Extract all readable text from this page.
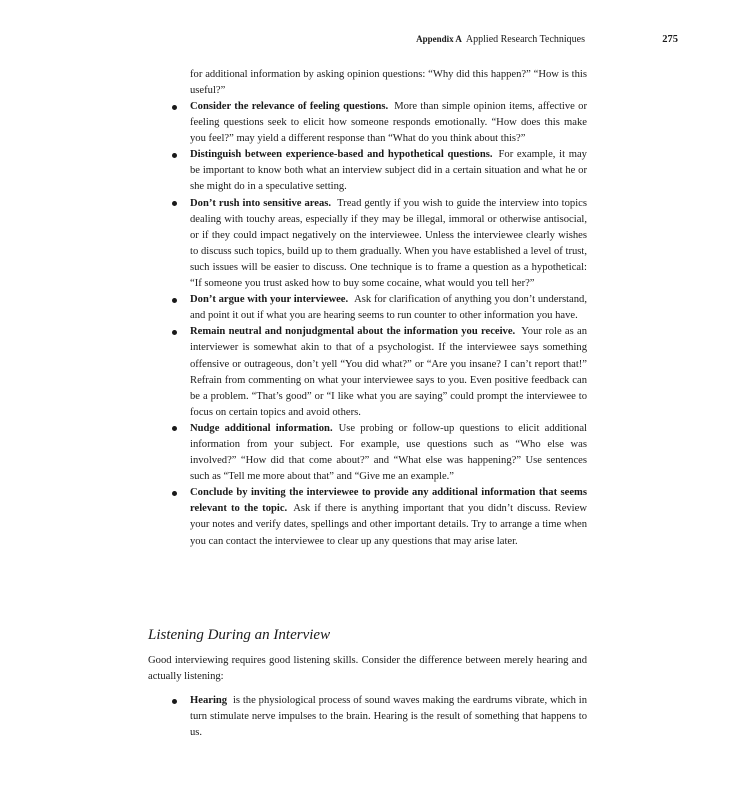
Appendix A Applied Research Techniques	275

for additional information by asking opinion questions: “Why did this happen?” “How is this useful?”

Consider the relevance of feeling questions. More than simple opinion items, affective or feeling questions seek to elicit how someone responds emotionally. “How does this make you feel?” may yield a different response than “What do you think about this?”
Distinguish between experience-based and hypothetical questions. For example, it may be important to know both what an interview subject did in a certain situation and what he or she might do in a speculative setting.
Don’t rush into sensitive areas. Tread gently if you wish to guide the interview into topics dealing with touchy areas, especially if they may be illegal, immoral or otherwise antisocial, or if they could impact negatively on the interviewee. Unless the interviewee clearly wishes to discuss such topics, build up to them gradually. When you have established a level of trust, such issues will be easier to discuss. One technique is to frame a question as a hypothetical: “If someone you trust asked how to buy some cocaine, what would you tell her?”
Don’t argue with your interviewee. Ask for clarification of anything you don’t understand, and point it out if what you are hearing seems to run counter to other information you have.
Remain neutral and nonjudgmental about the information you receive. Your role as an interviewer is somewhat akin to that of a psychologist. If the interviewee says something offensive or outrageous, don’t yell “You did what?” or “Are you insane? I can’t report that!” Refrain from commenting on what your interviewee says to you. Even positive feedback can be a problem. “That’s good” or “I like what you are saying” could prompt the interviewee to focus on certain topics and avoid others.
Nudge additional information. Use probing or follow-up questions to elicit additional information from your subject. For example, use questions such as “Who else was involved?” “How did that come about?” and “What else was happening?” Use sentences such as “Tell me more about that” and “Give me an example.”
Conclude by inviting the interviewee to provide any additional information that seems relevant to the topic. Ask if there is anything important that you didn’t discuss. Review your notes and verify dates, spellings and other important details. Try to arrange a time when you can contact the interviewee to clear up any questions that may arise later.
Listening During an Interview

Good interviewing requires good listening skills. Consider the difference between merely hearing and actually listening:

Hearing is the physiological process of sound waves making the eardrums vibrate, which in turn stimulate nerve impulses to the brain. Hearing is the result of something that happens to us.
